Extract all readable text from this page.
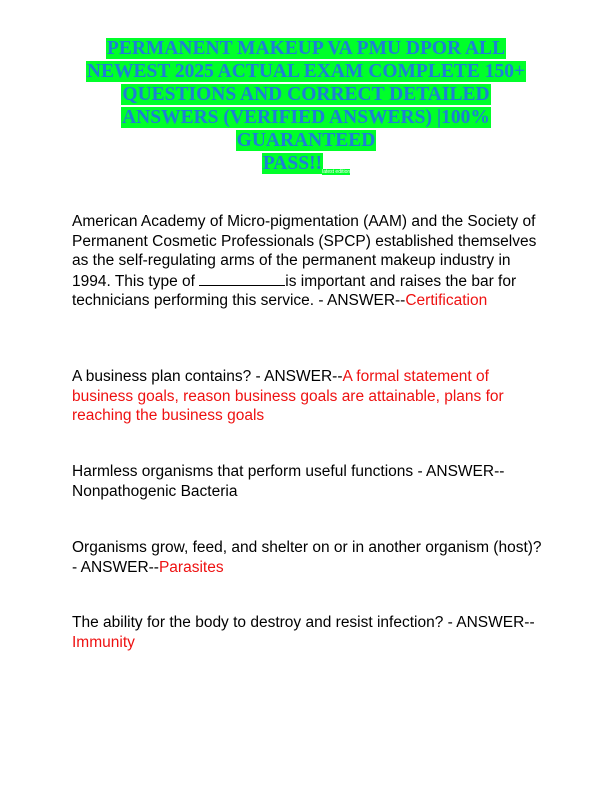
PERMANENT MAKEUP VA PMU DPOR ALL
NEWEST 2025 ACTUAL EXAM COMPLETE 150+
QUESTIONS AND CORRECT DETAILED
ANSWERS (VERIFIED ANSWERS) |100%
GUARANTEED
PASS!!latest edition
American Academy of Micro-pigmentation (AAM) and the Society of Permanent Cosmetic Professionals (SPCP) established themselves as the self-regulating arms of the permanent makeup industry in 1994. This type of	is important and raises the bar for technicians performing this service. - ANSWER--Certification
A business plan contains? - ANSWER--A formal statement of business goals, reason business goals are attainable, plans for reaching the business goals
Harmless organisms that perform useful functions - ANSWER--Nonpathogenic Bacteria
Organisms grow, feed, and shelter on or in another organism (host)? - ANSWER--Parasites
The ability for the body to destroy and resist infection? - ANSWER--Immunity
